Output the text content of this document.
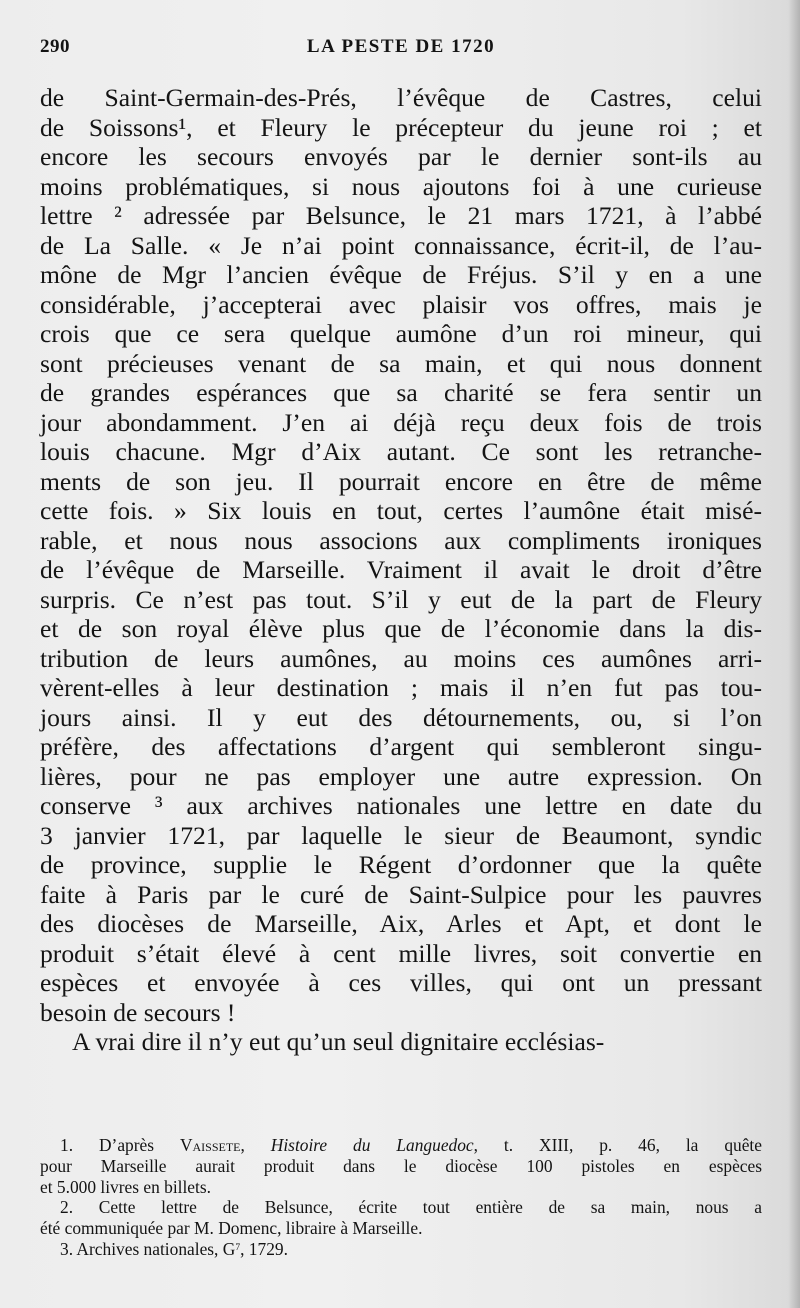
290	LA PESTE DE 1720
de Saint-Germain-des-Prés, l’évêque de Castres, celui
de Soissons¹, et Fleury le précepteur du jeune roi ; et
encore les secours envoyés par le dernier sont-ils au
moins problématiques, si nous ajoutons foi à une curieuse
lettre ² adressée par Belsunce, le 21 mars 1721, à l’abbé
de La Salle. « Je n’ai point connaissance, écrit-il, de l’au-
mône de Mgr l’ancien évêque de Fréjus. S’il y en a une
considérable, j’accepterai avec plaisir vos offres, mais je
crois que ce sera quelque aumône d’un roi mineur, qui
sont précieuses venant de sa main, et qui nous donnent
de grandes espérances que sa charité se fera sentir un
jour abondamment. J’en ai déjà reçu deux fois de trois
louis chacune. Mgr d’Aix autant. Ce sont les retranche-
ments de son jeu. Il pourrait encore en être de même
cette fois. » Six louis en tout, certes l’aumône était misé-
rable, et nous nous associons aux compliments ironiques
de l’évêque de Marseille. Vraiment il avait le droit d’être
surpris. Ce n’est pas tout. S’il y eut de la part de Fleury
et de son royal élève plus que de l’économie dans la dis-
tribution de leurs aumônes, au moins ces aumônes arri-
vèrent-elles à leur destination ; mais il n’en fut pas tou-
jours ainsi. Il y eut des détournements, ou, si l’on
préfère, des affectations d’argent qui sembleront singu-
lières, pour ne pas employer une autre expression. On
conserve ³ aux archives nationales une lettre en date du
3 janvier 1721, par laquelle le sieur de Beaumont, syndic
de province, supplie le Régent d’ordonner que la quête
faite à Paris par le curé de Saint-Sulpice pour les pauvres
des diocèses de Marseille, Aix, Arles et Apt, et dont le
produit s’était élevé à cent mille livres, soit convertie en
espèces et envoyée à ces villes, qui ont un pressant
besoin de secours !
A vrai dire il n’y eut qu’un seul dignitaire ecclésias-
1. D’après Vaissete, Histoire du Languedoc, t. XIII, p. 46, la quête
pour Marseille aurait produit dans le diocèse 100 pistoles en espèces
et 5.000 livres en billets.
2. Cette lettre de Belsunce, écrite tout entière de sa main, nous a
été communiquée par M. Domenc, libraire à Marseille.
3. Archives nationales, $G^7$, 1729.
